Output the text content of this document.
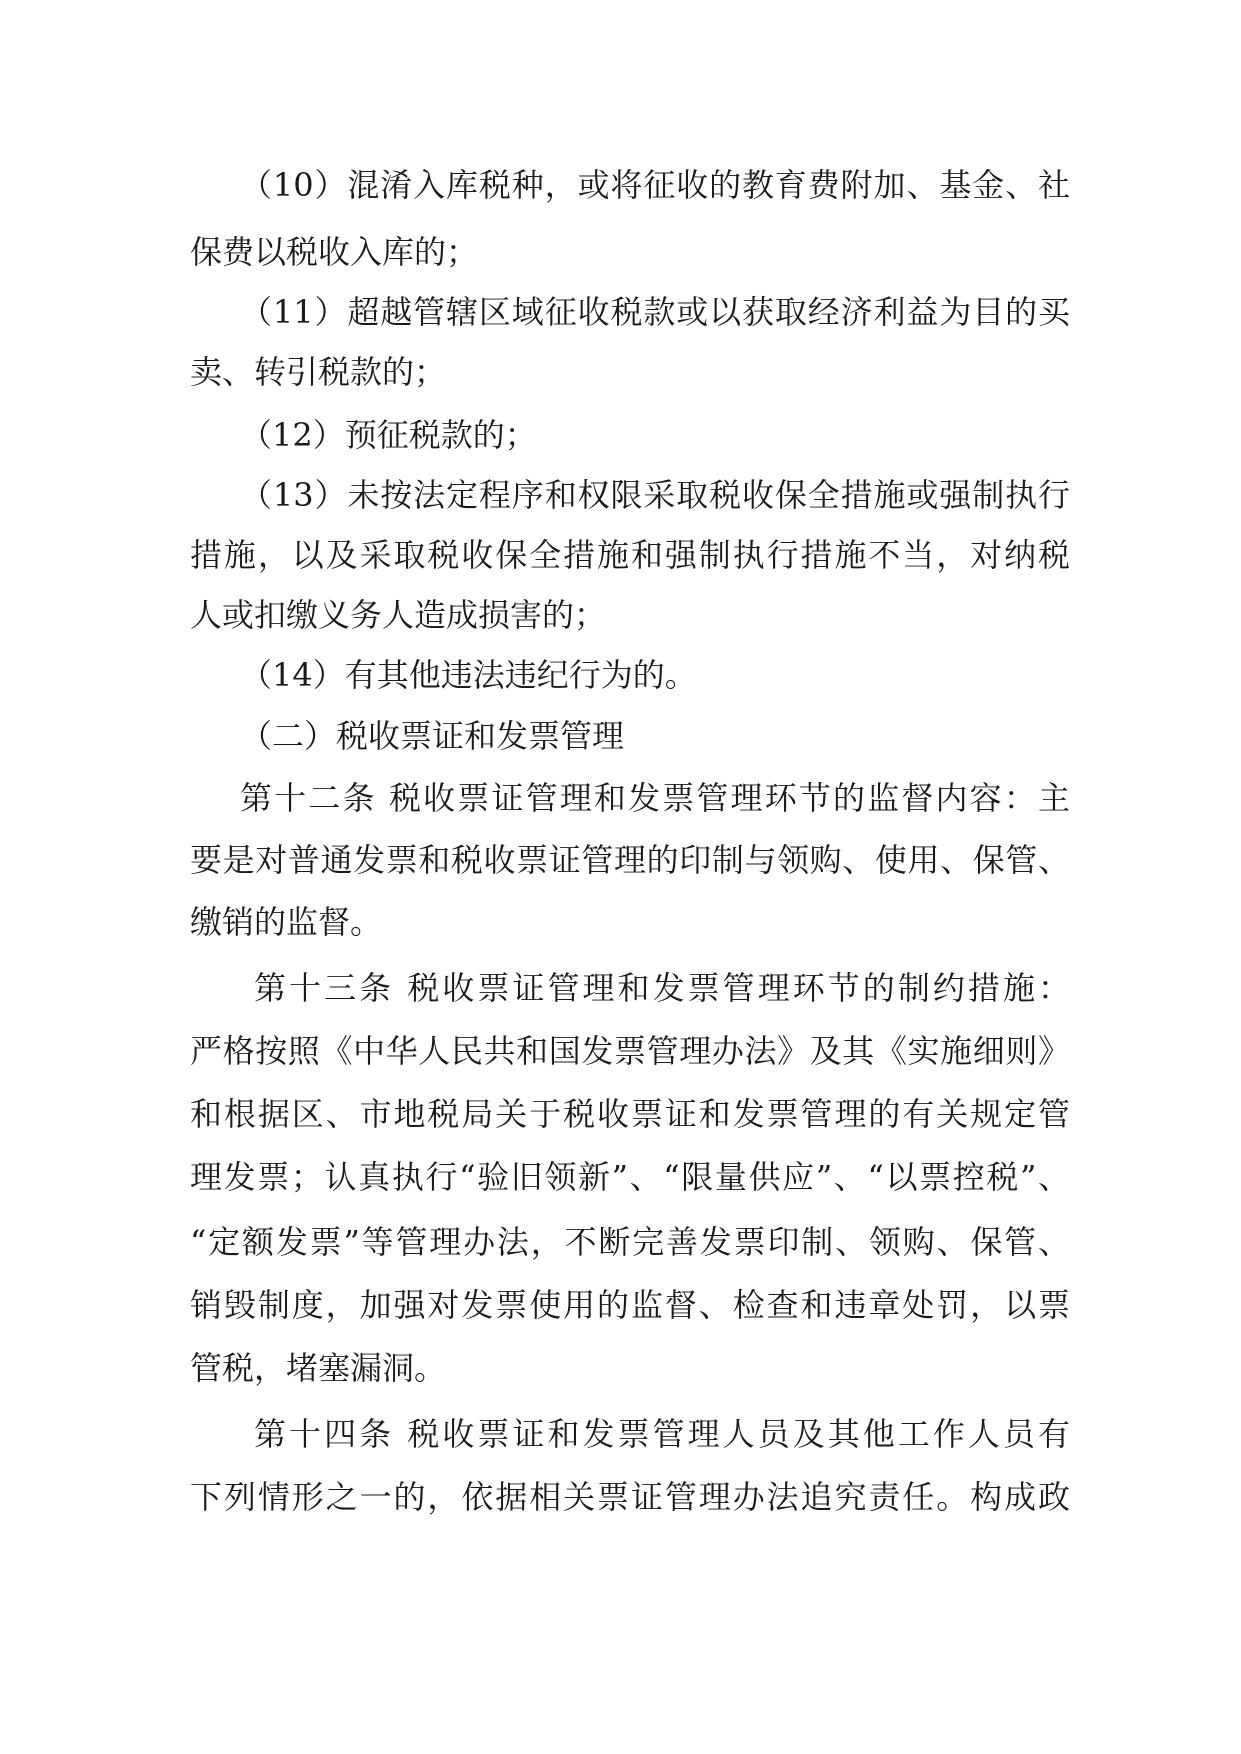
（10）混淆入库税种，或将征收的教育费附加、基金、社
保费以税收入库的；
（11）超越管辖区域征收税款或以获取经济利益为目的买
卖、转引税款的；
（12）预征税款的；
（13）未按法定程序和权限采取税收保全措施或强制执行
措施，以及采取税收保全措施和强制执行措施不当，对纳税
人或扣缴义务人造成损害的；
（14）有其他违法违纪行为的。
（二）税收票证和发票管理
第十二条 税收票证管理和发票管理环节的监督内容：主
要是对普通发票和税收票证管理的印制与领购、使用、保管、
缴销的监督。
第十三条 税收票证管理和发票管理环节的制约措施：
严格按照《中华人民共和国发票管理办法》及其《实施细则》
和根据区、市地税局关于税收票证和发票管理的有关规定管
理发票；认真执行“验旧领新”、“限量供应”、“以票控税”、
“定额发票”等管理办法，不断完善发票印制、领购、保管、
销毁制度，加强对发票使用的监督、检查和违章处罚，以票
管税，堵塞漏洞。
第十四条 税收票证和发票管理人员及其他工作人员有
下列情形之一的，依据相关票证管理办法追究责任。构成政
